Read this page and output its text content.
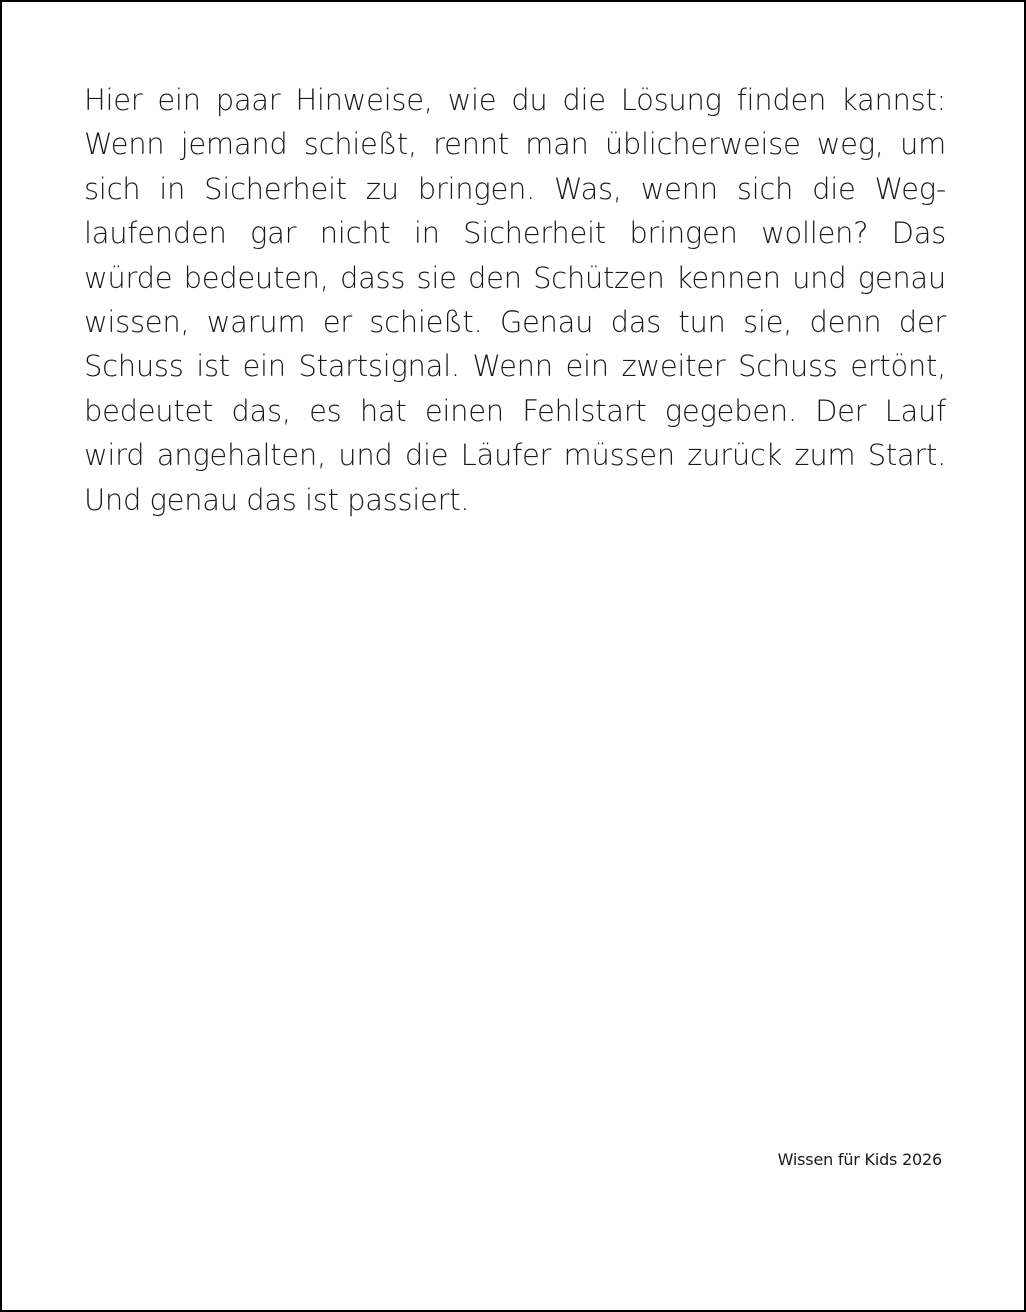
Hier ein paar Hinweise, wie du die Lösung finden kannst:
Wenn jemand schießt, rennt man üblicherweise weg, um
sich in Sicherheit zu bringen. Was, wenn sich die Weg-
laufenden gar nicht in Sicherheit bringen wollen? Das
würde bedeuten, dass sie den Schützen kennen und genau
wissen, warum er schießt. Genau das tun sie, denn der
Schuss ist ein Startsignal. Wenn ein zweiter Schuss ertönt,
bedeutet das, es hat einen Fehlstart gegeben. Der Lauf
wird angehalten, und die Läufer müssen zurück zum Start.
Und genau das ist passiert.

Wissen für Kids 2026
